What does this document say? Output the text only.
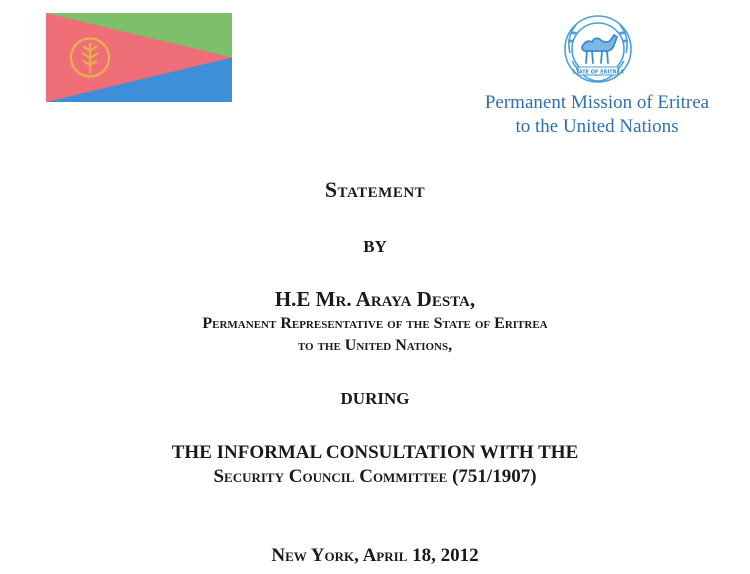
STATE OF ERITREA
Permanent Mission of Eritrea
to the United Nations
Statement
BY
H.E Mr. Araya Desta,
Permanent Representative of the State of Eritrea
to the United Nations,
DURING
THE INFORMAL CONSULTATION WITH THE
Security Council Committee (751/1907)
New York, April 18, 2012
